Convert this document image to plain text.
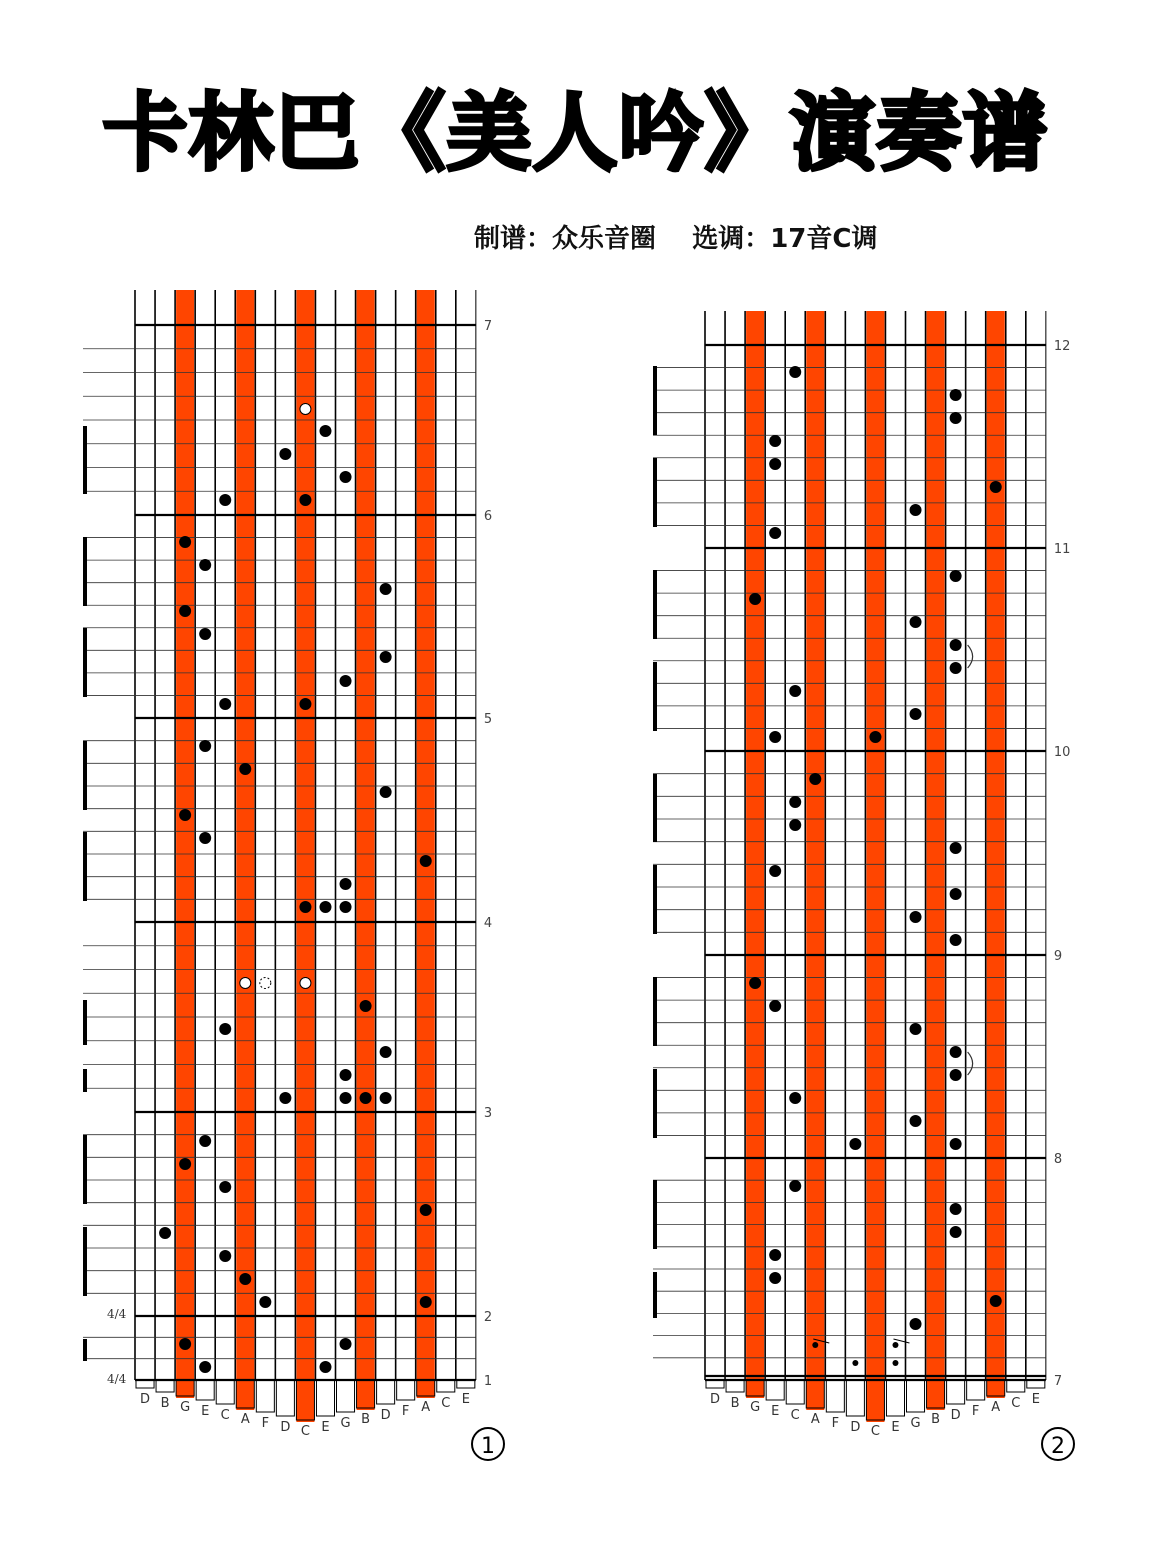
卡林巴《美人吟》演奏谱
制谱：众乐音圈    选调：17音C调
7
6
5
4
3
2
1
4/4
4/4
D B G E C A F D C E G B D F A C E
1
12
11
10
9
8
7
D B G E C A F D C E G B D F A C E
2
